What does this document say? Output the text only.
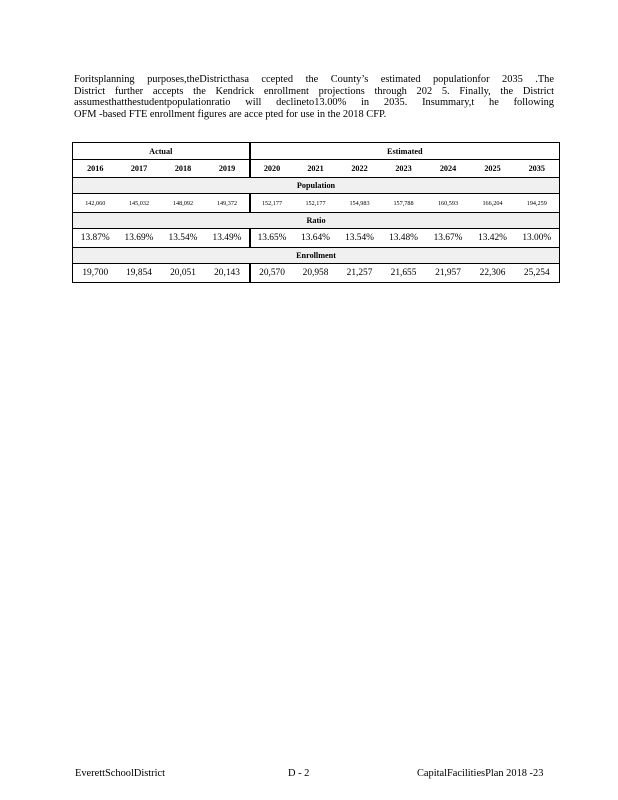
Foritsplanning purposes,theDistricthasa ccepted the County’s estimated populationfor 2035 .The
District further accepts the Kendrick enrollment projections through 202 5. Finally, the District
assumesthatthestudentpopulationratio will declineto13.00% in 2035. Insummary,t he following
OFM -based FTE enrollment figures are acce pted for use in the 2018 CFP.
Actual				Estimated						
2016	2017	2018	2019	2020	2021	2022	2023	2024	2025	2035
Population										
142,060	145,032	148,092	149,372	152,177	152,177	154,983	157,788	160,593	166,204	194,259
Ratio										
13.87%	13.69%	13.54%	13.49%	13.65%	13.64%	13.54%	13.48%	13.67%	13.42%	13.00%
Enrollment										
19,700	19,854	20,051	20,143	20,570	20,958	21,257	21,655	21,957	22,306	25,254
EverettSchoolDistrict	D - 2	CapitalFacilitiesPlan 2018 -23
